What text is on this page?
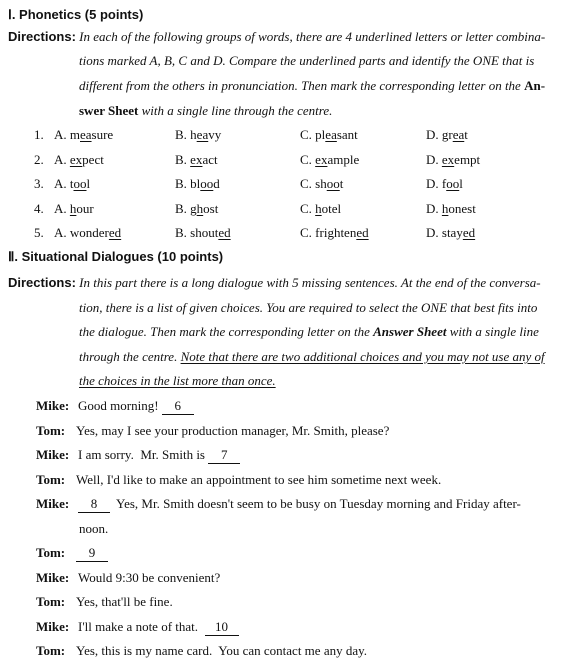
Ⅰ. Phonetics (5 points)
Directions: In each of the following groups of words, there are 4 underlined letters or letter combina-
tions marked A, B, C and D. Compare the underlined parts and identify the ONE that is
different from the others in pronunciation. Then mark the corresponding letter on the An-
swer Sheet with a single line through the centre.
1. A. measure	B. heavy	C. pleasant	D. great
2. A. expect	B. exact	C. example	D. exempt
3. A. tool	B. blood	C. shoot	D. fool
4. A. hour	B. ghost	C. hotel	D. honest
5. A. wondered	B. shouted	C. frightened	D. stayed
Ⅱ. Situational Dialogues (10 points)
Directions: In this part there is a long dialogue with 5 missing sentences. At the end of the conversa-
tion, there is a list of given choices. You are required to select the ONE that best fits into
the dialogue. Then mark the corresponding letter on the Answer Sheet with a single line
through the centre. Note that there are two additional choices and you may not use any of
the choices in the list more than once.
Mike: Good morning! 6
Tom: Yes, may I see your production manager, Mr. Smith, please?
Mike: I am sorry.  Mr. Smith is 7
Tom: Well, I'd like to make an appointment to see him sometime next week.
Mike: 8  Yes, Mr. Smith doesn't seem to be busy on Tuesday morning and Friday after-
noon.
Tom: 9
Mike: Would 9:30 be convenient?
Tom: Yes, that'll be fine.
Mike: I'll make a note of that.  10
Tom: Yes, this is my name card.  You can contact me any day.
